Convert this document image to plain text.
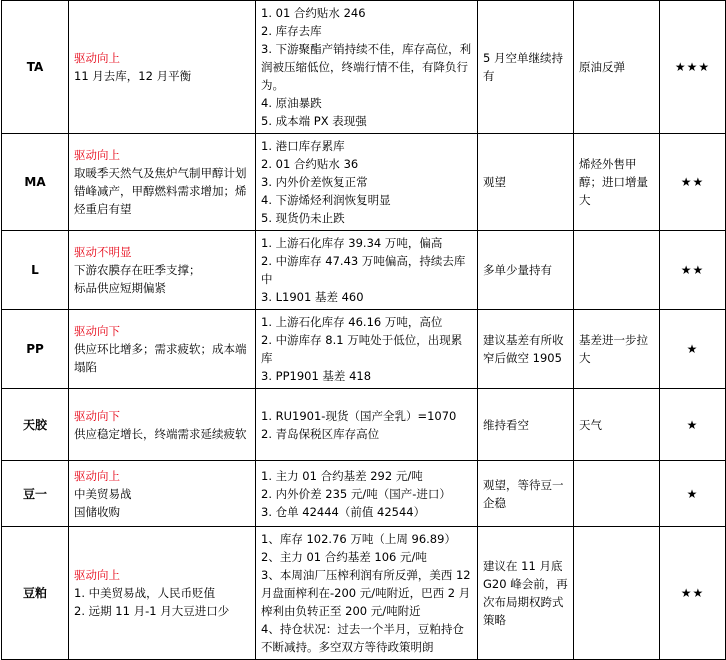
TA	驱动向上
11 月去库，12 月平衡	1. 01 合约贴水 246
2. 库存去库
3. 下游聚酯产销持续不佳，库存高位，利润被压缩低位，终端行情不佳，有降负行为。
4. 原油暴跌
5. 成本端 PX 表现强	5 月空单继续持有	原油反弹	★★★
MA	驱动向上
取暖季天然气及焦炉气制甲醇计划错峰减产，甲醇燃料需求增加；烯烃重启有望	1. 港口库存累库
2. 01 合约贴水 36
3. 内外价差恢复正常
4. 下游烯烃利润恢复明显
5. 现货仍未止跌	观望	烯烃外售甲醇；进口增量大	★★
L	驱动不明显
下游农膜存在旺季支撑；
标品供应短期偏紧	1. 上游石化库存 39.34 万吨，偏高
2. 中游库存 47.43 万吨偏高，持续去库中
3. L1901 基差 460	多单少量持有		★★
PP	驱动向下
供应环比增多；需求疲软；成本端塌陷	1. 上游石化库存 46.16 万吨，高位
2. 中游库存 8.1 万吨处于低位，出现累库
3. PP1901 基差 418	建议基差有所收窄后做空 1905	基差进一步拉大	★
天胶	驱动向下
供应稳定增长，终端需求延续疲软	1. RU1901-现货（国产全乳）=1070
2. 青岛保税区库存高位	维持看空	天气	★
豆一	驱动向上
中美贸易战
国储收购	1. 主力 01 合约基差 292 元/吨
2. 内外价差 235 元/吨（国产-进口）
3. 仓单 42444（前值 42544）	观望，等待豆一企稳		★
豆粕	驱动向上
1. 中美贸易战，人民币贬值
2. 远期 11 月-1 月大豆进口少	1、库存 102.76 万吨（上周 96.89）
2、主力 01 合约基差 106 元/吨
3、本周油厂压榨利润有所反弹，美西 12 月盘面榨利在-200 元/吨附近，巴西 2 月榨利由负转正至 200 元/吨附近
4、持仓状况：过去一个半月，豆粕持仓不断减持。多空双方等待政策明朗	建议在 11 月底 G20 峰会前，再次布局期权跨式策略		★★
